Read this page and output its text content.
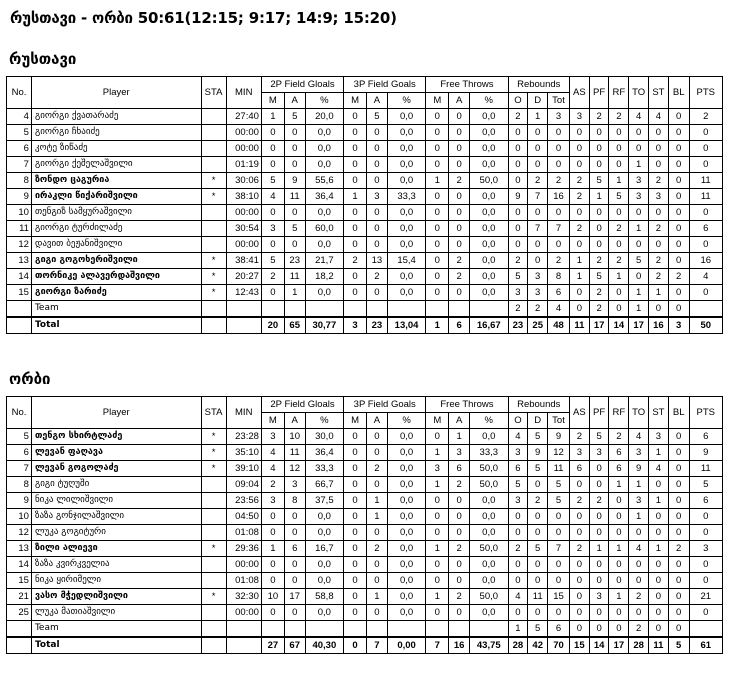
რუსთავი - ორბი 50:61(12:15; 9:17; 14:9; 15:20)
რუსთავი
No.	Player	STA	MIN	2P Field Gloals			3P Field Goals			Free Throws			Rebounds			AS	PF	RF	TO	ST	BL	PTS
				M	A	%	M	A	%	M	A	%	O	D	Tot							
4	გიორგი ქვათარაძე		27:40	1	5	20,0	0	5	0,0	0	0	0,0	2	1	3	3	2	2	4	4	0	2
5	გიორგი ჩხაიძე		00:00	0	0	0,0	0	0	0,0	0	0	0,0	0	0	0	0	0	0	0	0	0	0
6	კოტე ზიწაძე		00:00	0	0	0,0	0	0	0,0	0	0	0,0	0	0	0	0	0	0	0	0	0	0
7	გიორგი ქეშელაშვილი		01:19	0	0	0,0	0	0	0,0	0	0	0,0	0	0	0	0	0	0	1	0	0	0
8	ზონდო ცაგურია	*	30:06	5	9	55,6	0	0	0,0	1	2	50,0	0	2	2	2	5	1	3	2	0	11
9	ირაკლი წიქარიშვილი	*	38:10	4	11	36,4	1	3	33,3	0	0	0,0	9	7	16	2	1	5	3	3	0	11
10	თენგიზ სამყურაშვილი		00:00	0	0	0,0	0	0	0,0	0	0	0,0	0	0	0	0	0	0	0	0	0	0
11	გიორგი ტურძილაძე		30:54	3	5	60,0	0	0	0,0	0	0	0,0	0	7	7	2	0	2	1	2	0	6
12	დავით ბეჟანიშვილი		00:00	0	0	0,0	0	0	0,0	0	0	0,0	0	0	0	0	0	0	0	0	0	0
13	გიგი გოგოხერიშვილი	*	38:41	5	23	21,7	2	13	15,4	0	2	0,0	2	0	2	1	2	2	5	2	0	16
14	თორნიკე ალავერდაშვილი	*	20:27	2	11	18,2	0	2	0,0	0	2	0,0	5	3	8	1	5	1	0	2	2	4
15	გიორგი ზარიძე	*	12:43	0	1	0,0	0	0	0,0	0	0	0,0	3	3	6	0	2	0	1	1	0	0
	Team												2	2	4	0	2	0	1	0	0	
	Total			20	65	30,77	3	23	13,04	1	6	16,67	23	25	48	11	17	14	17	16	3	50
ორბი
No.	Player	STA	MIN	2P Field Gloals			3P Field Goals			Free Throws			Rebounds			AS	PF	RF	TO	ST	BL	PTS
				M	A	%	M	A	%	M	A	%	O	D	Tot							
5	თენგო სხირტლაძე	*	23:28	3	10	30,0	0	0	0,0	0	1	0,0	4	5	9	2	5	2	4	3	0	6
6	ლევან ფაღავა	*	35:10	4	11	36,4	0	0	0,0	1	3	33,3	3	9	12	3	3	6	3	1	0	9
7	ლევან გოგოლაძე	*	39:10	4	12	33,3	0	2	0,0	3	6	50,0	6	5	11	6	0	6	9	4	0	11
8	გიგი ტუღუში		09:04	2	3	66,7	0	0	0,0	1	2	50,0	5	0	5	0	0	1	1	0	0	5
9	ნიკა ლილიშვილი		23:56	3	8	37,5	0	1	0,0	0	0	0,0	3	2	5	2	2	0	3	1	0	6
10	ზაზა გონჯილაშვილი		04:50	0	0	0,0	0	1	0,0	0	0	0,0	0	0	0	0	0	0	1	0	0	0
12	ლუკა გოგიტური		01:08	0	0	0,0	0	0	0,0	0	0	0,0	0	0	0	0	0	0	0	0	0	0
13	ზილი ალიევი	*	29:36	1	6	16,7	0	2	0,0	1	2	50,0	2	5	7	2	1	1	4	1	2	3
14	ზაზა კვირკველია		00:00	0	0	0,0	0	0	0,0	0	0	0,0	0	0	0	0	0	0	0	0	0	0
15	ნიკა ყირიმელი		01:08	0	0	0,0	0	0	0,0	0	0	0,0	0	0	0	0	0	0	0	0	0	0
21	ვასო მჭედლიშვილი	*	32:30	10	17	58,8	0	1	0,0	1	2	50,0	4	11	15	0	3	1	2	0	0	21
25	ლუკა მათიაშვილი		00:00	0	0	0,0	0	0	0,0	0	0	0,0	0	0	0	0	0	0	0	0	0	0
	Team												1	5	6	0	0	0	2	0	0	
	Total			27	67	40,30	0	7	0,00	7	16	43,75	28	42	70	15	14	17	28	11	5	61
